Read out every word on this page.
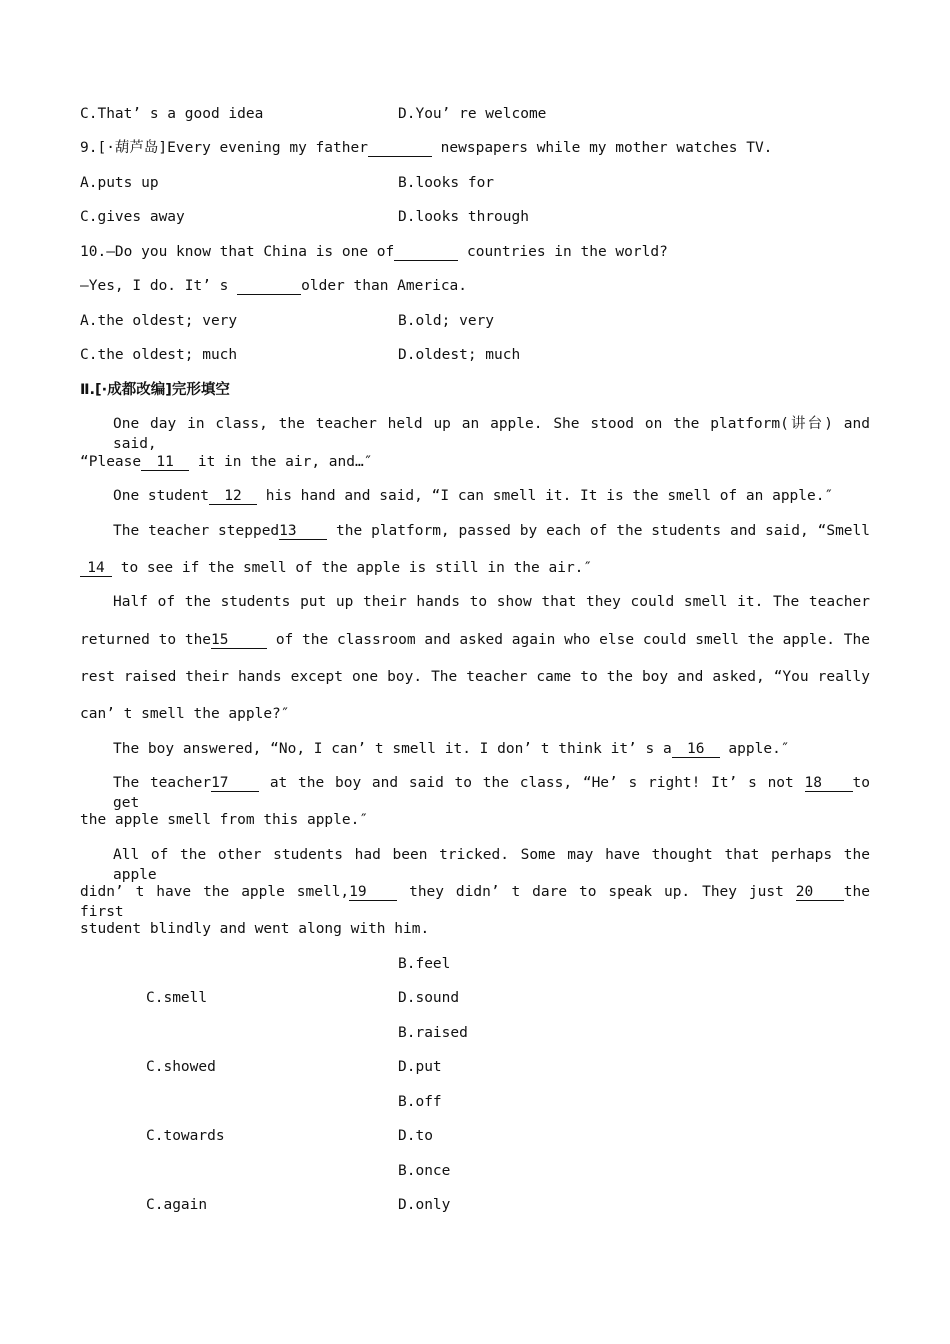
C.That’ s a good idea	D.You’ re welcome
9.[·葫芦岛]Every evening my father	newspapers while my mother watches TV.
A.puts up	B.looks for
C.gives away	D.looks through
10.—Do you know that China is one of	countries in the world?
—Yes, I do. It’ s	older than America.
A.the oldest; very	B.old; very
C.the oldest; much	D.oldest; much
Ⅱ.[·成都改编]完形填空
One day in class, the teacher held up an apple. She stood on the platform(讲台) and said,
“Please 11 it in the air, and…″
One student 12 his hand and said, “I can smell it. It is the smell of an apple.″
The teacher stepped13 the platform, passed by each of the students and said, “Smell
14 to see if the smell of the apple is still in the air.″
Half of the students put up their hands to show that they could smell it. The teacher
returned to the15	of the classroom and asked again who else could smell the apple. The
rest raised their hands except one boy. The teacher came to the boy and asked, “You really
can’ t smell the apple?″
The boy answered, “No, I can’ t smell it. I don’ t think it’ s a 16 apple.″
The teacher17 at the boy and said to the class, “He’ s right! It’ s not 18 to get
the apple smell from this apple.″
All of the other students had been tricked. Some may have thought that perhaps the apple
didn’ t have the apple smell,19 they didn’ t dare to speak up. They just 20 the first
student blindly and went along with him.
B.feel
C.smell	D.sound
B.raised
C.showed	D.put
B.off
C.towards	D.to
B.once
C.again	D.only
